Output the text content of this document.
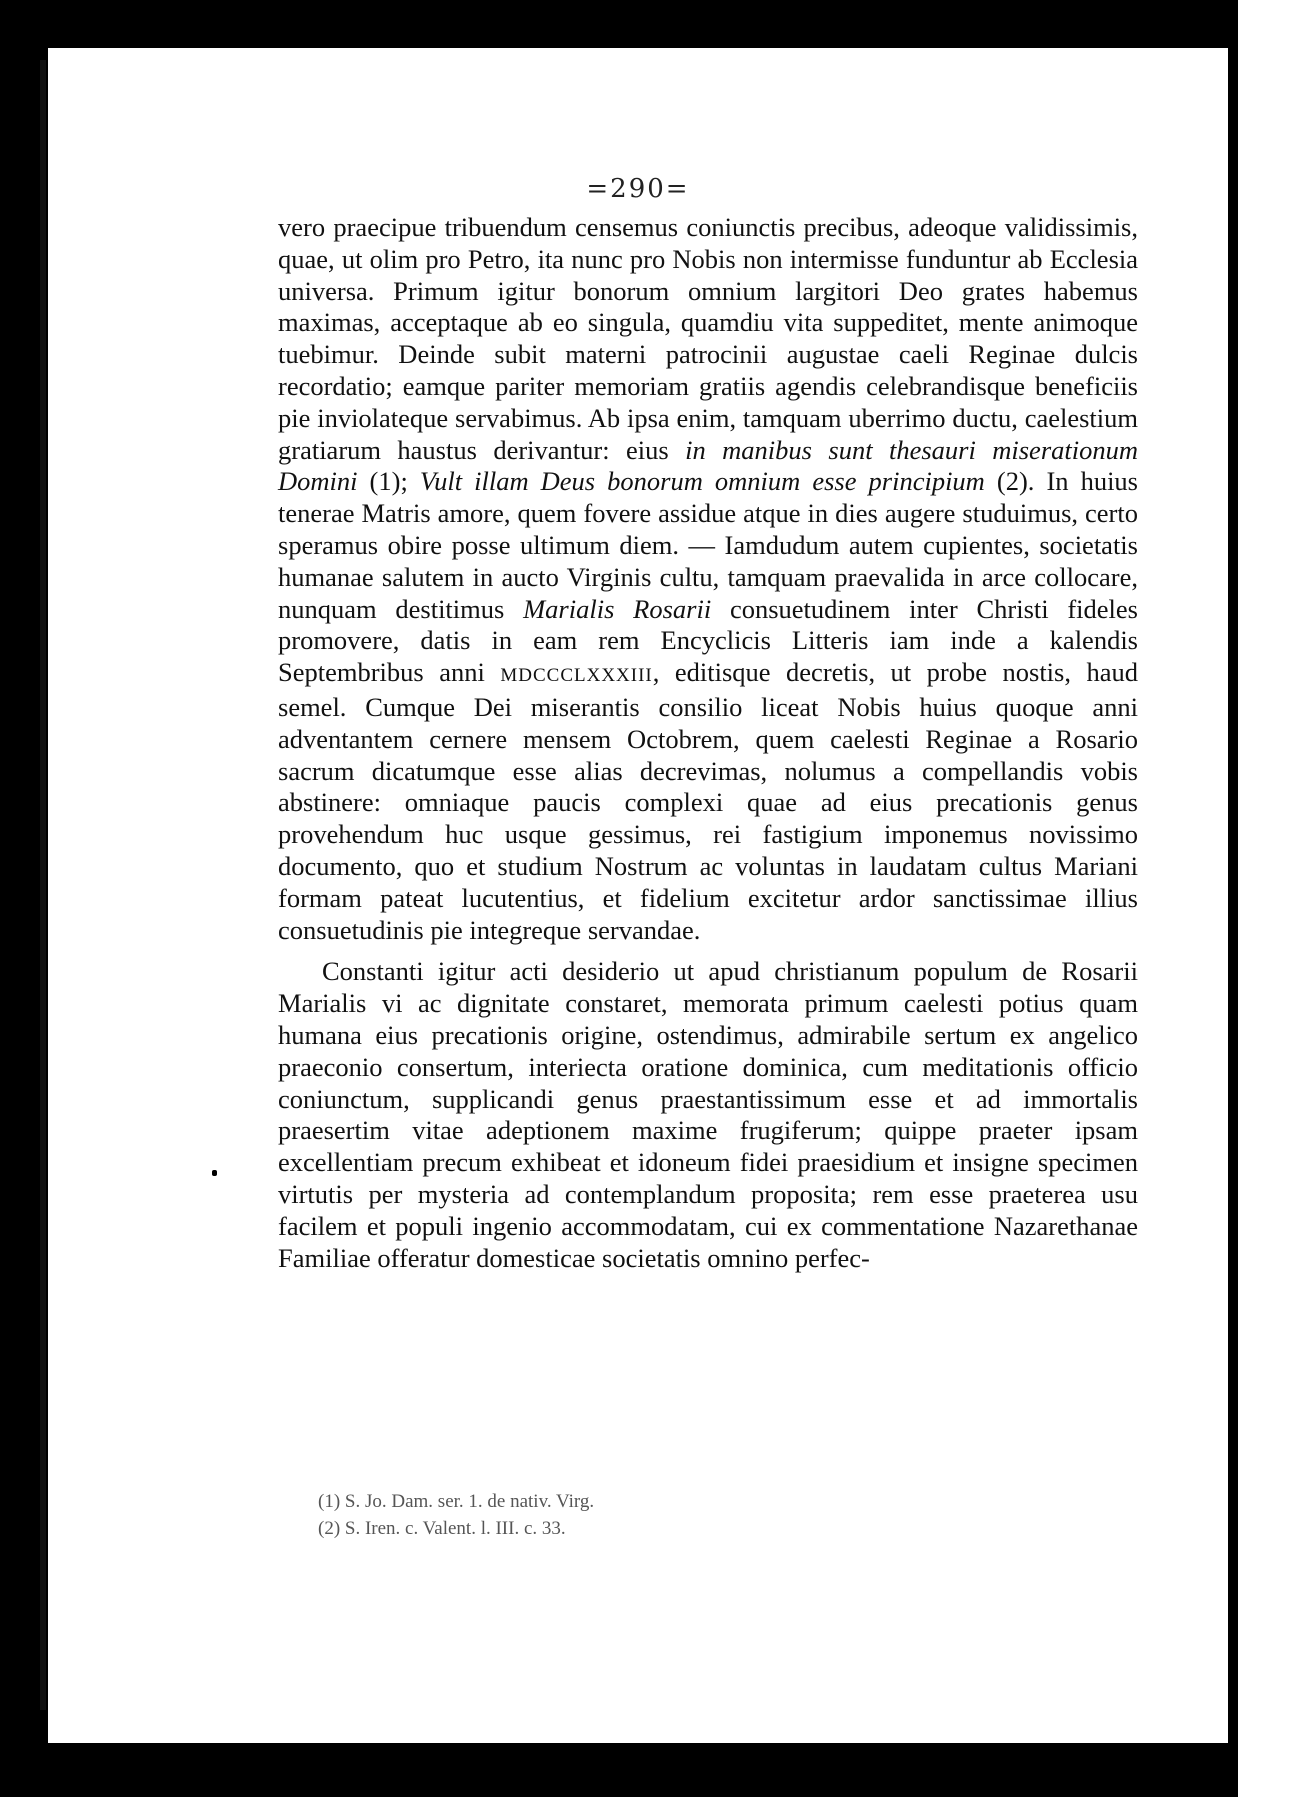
=290=

vero praecipue tribuendum censemus coniunctis precibus, adeoque validissimis, quae, ut olim pro Petro, ita nunc pro Nobis non intermisse funduntur ab Ecclesia universa. Primum igitur bonorum omnium largitori Deo grates habemus maximas, acceptaque ab eo singula, quamdiu vita suppeditet, mente animoque tuebimur. Deinde subit materni patrocinii augustae caeli Reginae dulcis recordatio; eamque pariter memoriam gratiis agendis celebrandisque beneficiis pie inviolateque servabimus. Ab ipsa enim, tamquam uberrimo ductu, caelestium gratiarum haustus derivantur: eius in manibus sunt thesauri miserationum Domini (1); Vult illam Deus bonorum omnium esse principium (2). In huius tenerae Matris amore, quem fovere assidue atque in dies augere studuimus, certo speramus obire posse ultimum diem. — Iamdudum autem cupientes, societatis humanae salutem in aucto Virginis cultu, tamquam praevalida in arce collocare, nunquam destitimus Marialis Rosarii consuetudinem inter Christi fideles promovere, datis in eam rem Encyclicis Litteris iam inde a kalendis Septembribus anni MDCCCLXXXIII, editisque decretis, ut probe nostis, haud semel. Cumque Dei miserantis consilio liceat Nobis huius quoque anni adventantem cernere mensem Octobrem, quem caelesti Reginae a Rosario sacrum dicatumque esse alias decrevimas, nolumus a compellandis vobis abstinere: omniaque paucis complexi quae ad eius precationis genus provehendum huc usque gessimus, rei fastigium imponemus novissimo documento, quo et studium Nostrum ac voluntas in laudatam cultus Mariani formam pateat lucutentius, et fidelium excitetur ardor sanctissimae illius consuetudinis pie integreque servandae.

Constanti igitur acti desiderio ut apud christianum populum de Rosarii Marialis vi ac dignitate constaret, memorata primum caelesti potius quam humana eius precationis origine, ostendimus, admirabile sertum ex angelico praeconio consertum, interiecta oratione dominica, cum meditationis officio coniunctum, supplicandi genus praestantissimum esse et ad immortalis praesertim vitae adeptionem maxime frugiferum; quippe praeter ipsam excellentiam precum exhibeat et idoneum fidei praesidium et insigne specimen virtutis per mysteria ad contemplandum proposita; rem esse praeterea usu facilem et populi ingenio accommodatam, cui ex commentatione Nazarethanae Familiae offeratur domesticae societatis omnino perfec-

(1) S. Jo. Dam. ser. 1. de nativ. Virg.
(2) S. Iren. c. Valent. l. III. c. 33.
